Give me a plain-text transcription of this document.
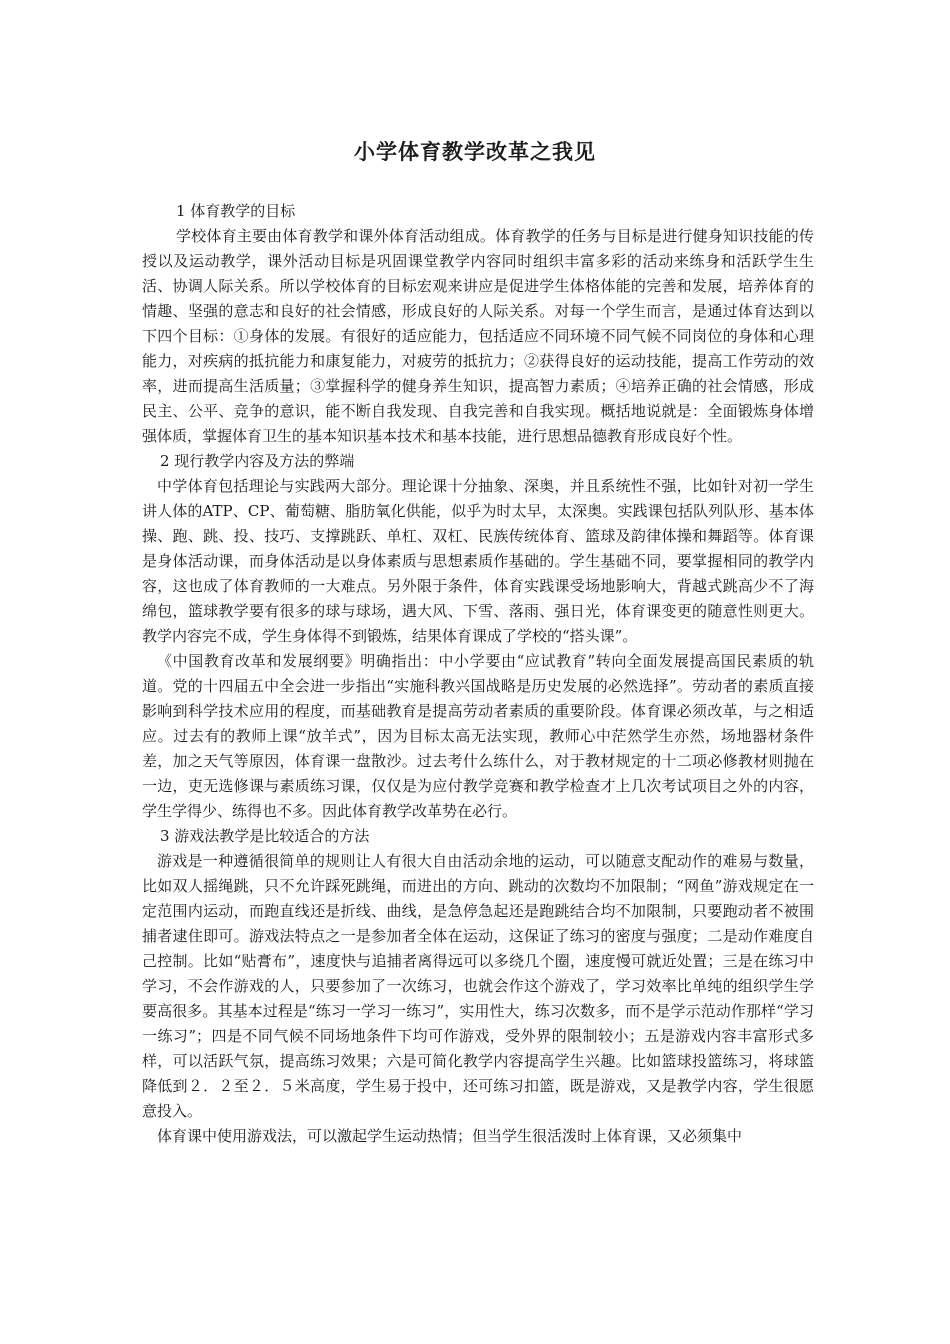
小学体育教学改革之我见
1 体育教学的目标

学校体育主要由体育教学和课外体育活动组成。体育教学的任务与目标是进行健身知识技能的传授以及运动教学，课外活动目标是巩固课堂教学内容同时组织丰富多彩的活动来练身和活跃学生生活、协调人际关系。所以学校体育的目标宏观来讲应是促进学生体格体能的完善和发展，培养体育的情趣、坚强的意志和良好的社会情感，形成良好的人际关系。对每一个学生而言，是通过体育达到以下四个目标：①身体的发展。有很好的适应能力，包括适应不同环境不同气候不同岗位的身体和心理能力，对疾病的抵抗能力和康复能力，对疲劳的抵抗力；②获得良好的运动技能，提高工作劳动的效率，进而提高生活质量；③掌握科学的健身养生知识，提高智力素质；④培养正确的社会情感，形成民主、公平、竞争的意识，能不断自我发现、自我完善和自我实现。概括地说就是：全面锻炼身体增强体质，掌握体育卫生的基本知识基本技术和基本技能，进行思想品德教育形成良好个性。

2 现行教学内容及方法的弊端

中学体育包括理论与实践两大部分。理论课十分抽象、深奥，并且系统性不强，比如针对初一学生讲人体的ATP、CP、葡萄糖、脂肪氧化供能，似乎为时太早，太深奥。实践课包括队列队形、基本体操、跑、跳、投、技巧、支撑跳跃、单杠、双杠、民族传统体育、篮球及韵律体操和舞蹈等。体育课是身体活动课，而身体活动是以身体素质与思想素质作基础的。学生基础不同，要掌握相同的教学内容，这也成了体育教师的一大难点。另外限于条件，体育实践课受场地影响大，背越式跳高少不了海绵包，篮球教学要有很多的球与球场，遇大风、下雪、落雨、强日光，体育课变更的随意性则更大。教学内容完不成，学生身体得不到锻炼，结果体育课成了学校的“搭头课”。

《中国教育改革和发展纲要》明确指出：中小学要由“应试教育”转向全面发展提高国民素质的轨道。党的十四届五中全会进一步指出“实施科教兴国战略是历史发展的必然选择”。劳动者的素质直接影响到科学技术应用的程度，而基础教育是提高劳动者素质的重要阶段。体育课必须改革，与之相适应。过去有的教师上课“放羊式”，因为目标太高无法实现，教师心中茫然学生亦然，场地器材条件差，加之天气等原因，体育课一盘散沙。过去考什么练什么，对于教材规定的十二项必修教材则抛在一边，吏无选修课与素质练习课，仅仅是为应付教学竞赛和教学检查才上几次考试项目之外的内容，学生学得少、练得也不多。因此体育教学改革势在必行。

3 游戏法教学是比较适合的方法

游戏是一种遵循很简单的规则让人有很大自由活动余地的运动，可以随意支配动作的难易与数量，比如双人摇绳跳，只不允许踩死跳绳，而进出的方向、跳动的次数均不加限制；“网鱼”游戏规定在一定范围内运动，而跑直线还是折线、曲线，是急停急起还是跑跳结合均不加限制，只要跑动者不被围捕者逮住即可。游戏法特点之一是参加者全体在运动，这保证了练习的密度与强度；二是动作难度自己控制。比如“贴膏布”，速度快与追捕者离得远可以多绕几个圈，速度慢可就近处置；三是在练习中学习，不会作游戏的人，只要参加了一次练习，也就会作这个游戏了，学习效率比单纯的组织学生学要高很多。其基本过程是“练习一学习一练习”，实用性大，练习次数多，而不是学示范动作那样“学习一练习”；四是不同气候不同场地条件下均可作游戏，受外界的限制较小；五是游戏内容丰富形式多样，可以活跃气氛，提高练习效果；六是可简化教学内容提高学生兴趣。比如篮球投篮练习，将球篮降低到２．２至２．５米高度，学生易于投中，还可练习扣篮，既是游戏，又是教学内容，学生很愿意投入。

体育课中使用游戏法，可以激起学生运动热情；但当学生很活泼时上体育课，又必须集中
